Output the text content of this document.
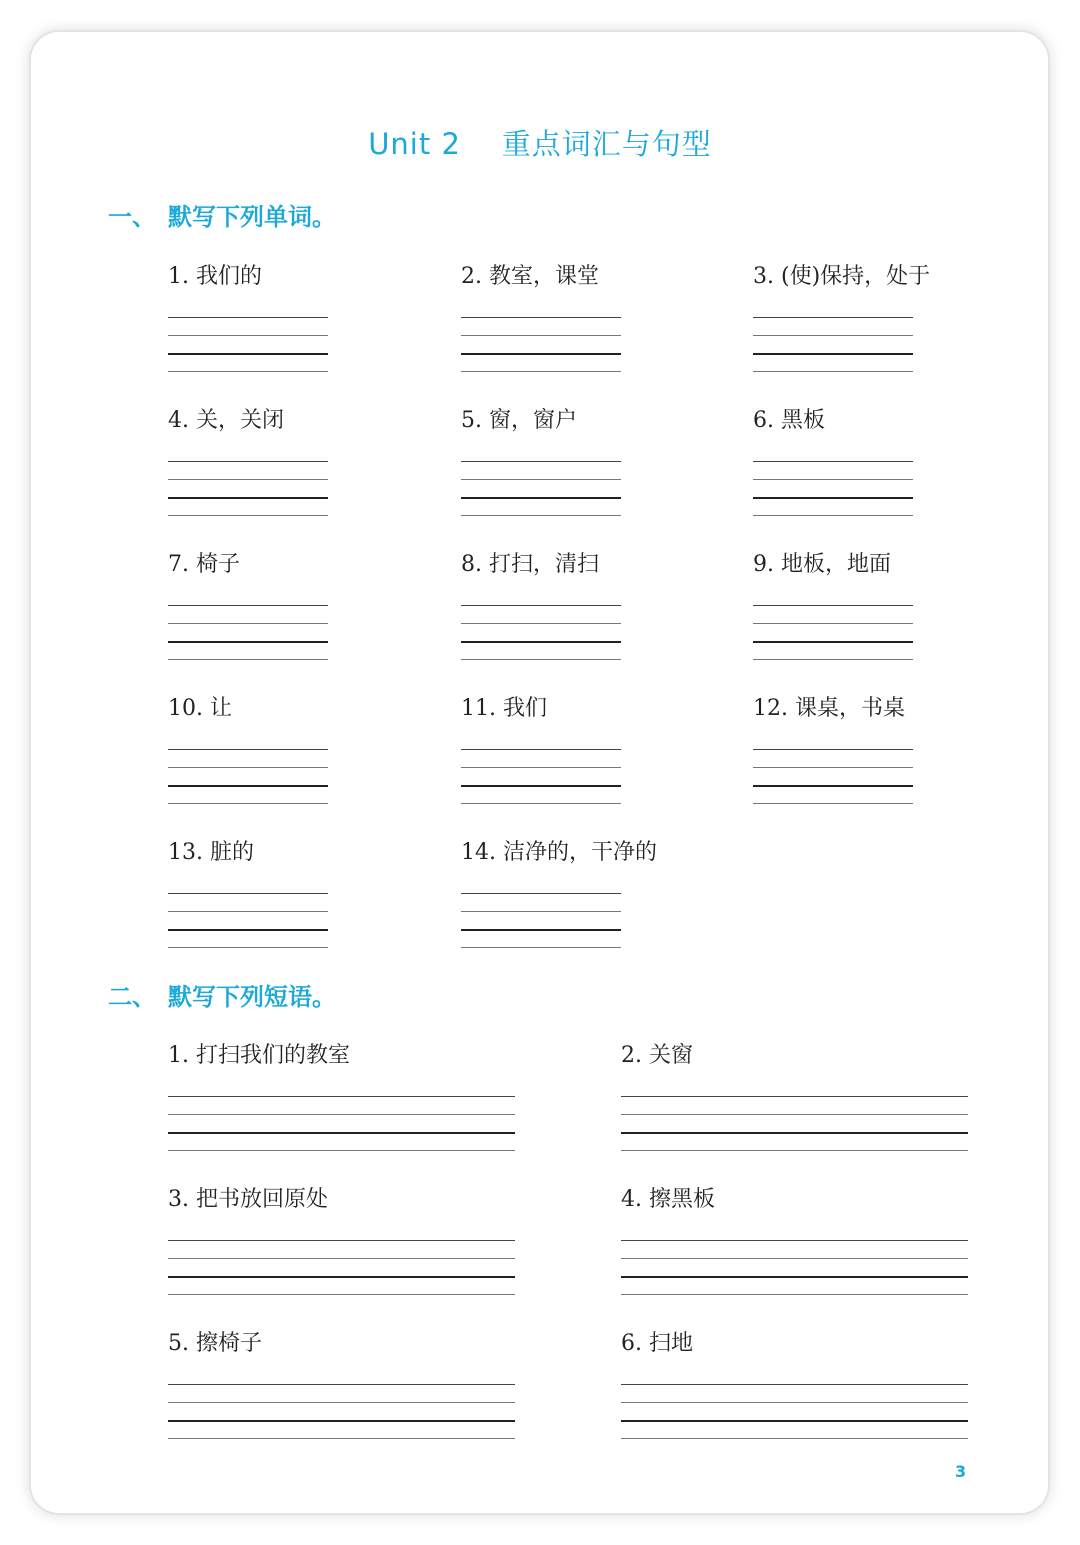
Unit 2    重点词汇与句型
一、 默写下列单词。
1. 我们的	2. 教室，课堂	3. (使)保持，处于
4. 关，关闭	5. 窗，窗户	6. 黑板
7. 椅子	8. 打扫，清扫	9. 地板，地面
10. 让	11. 我们	12. 课桌，书桌
13. 脏的	14. 洁净的，干净的
二、 默写下列短语。
1. 打扫我们的教室	2. 关窗
3. 把书放回原处	4. 擦黑板
5. 擦椅子	6. 扫地
3
